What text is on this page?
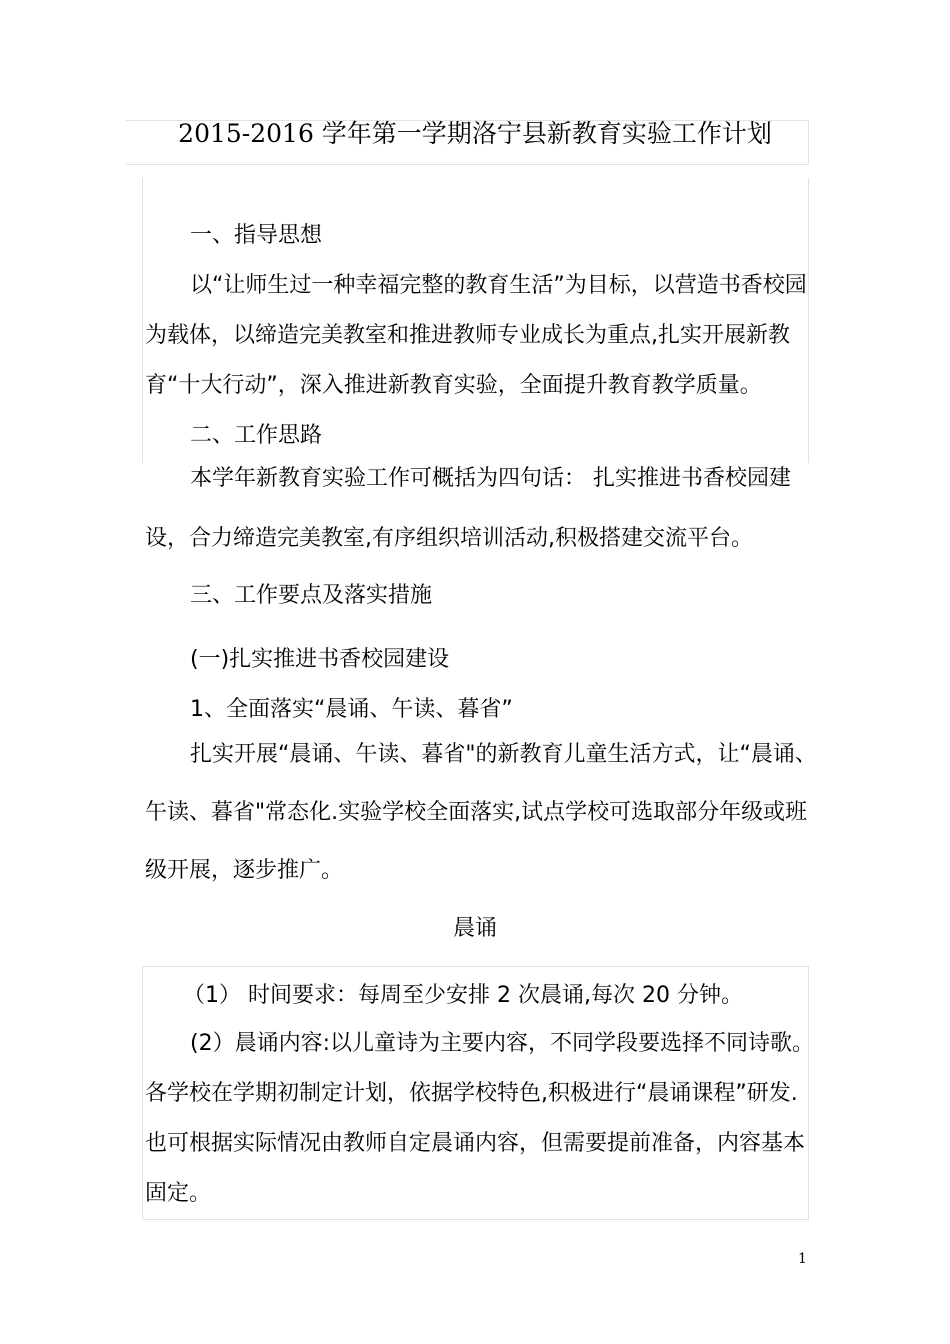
2015-2016 学年第一学期洛宁县新教育实验工作计划
一、指导思想
以“让师生过一种幸福完整的教育生活”为目标，以营造书香校园
为载体，以缔造完美教室和推进教师专业成长为重点,扎实开展新教
育“十大行动”，深入推进新教育实验，全面提升教育教学质量。
二、工作思路
本学年新教育实验工作可概括为四句话： 扎实推进书香校园建
设，合力缔造完美教室,有序组织培训活动,积极搭建交流平台。
三、工作要点及落实措施
(一)扎实推进书香校园建设
1、全面落实“晨诵、午读、暮省”
扎实开展“晨诵、午读、暮省"的新教育儿童生活方式，让“晨诵、
午读、暮省"常态化.实验学校全面落实,试点学校可选取部分年级或班
级开展，逐步推广。
晨诵
（1） 时间要求：每周至少安排 2 次晨诵,每次 20 分钟。
(2）晨诵内容:以儿童诗为主要内容，不同学段要选择不同诗歌。
各学校在学期初制定计划，依据学校特色,积极进行“晨诵课程”研发.
也可根据实际情况由教师自定晨诵内容，但需要提前准备，内容基本
固定。
1
